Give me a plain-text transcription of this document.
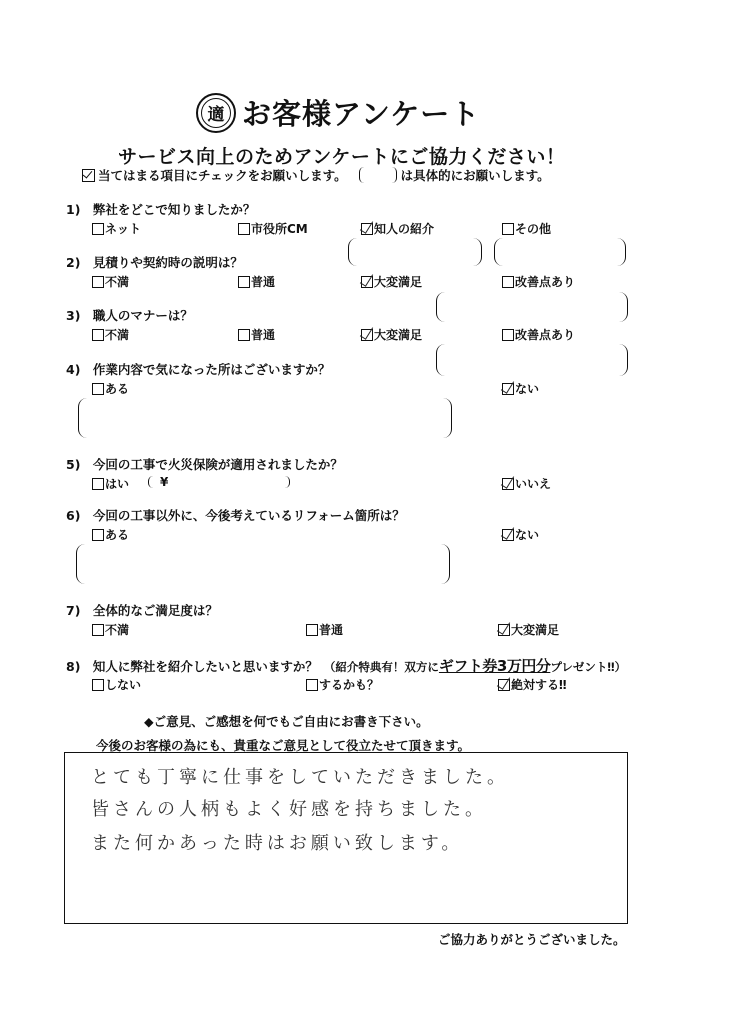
適 お客様アンケート
サービス向上のためアンケートにご協力ください！
当てはまる項目にチェックをお願いします。	は具体的にお願いします。
1)　弊社をどこで知りましたか？
ネット	市役所CM	知人の紹介	その他
2)　見積りや契約時の説明は？
不満	普通	大変満足	改善点あり
3)　職人のマナーは？
不満	普通	大変満足	改善点あり
4)　作業内容で気になった所はございますか？
ある	ない
5)　今回の工事で火災保険が適用されましたか？
はい	¥	いいえ
6)　今回の工事以外に、今後考えているリフォーム箇所は？
ある	ない
7)　全体的なご満足度は？
不満	普通	大変満足
8)　知人に弊社を紹介したいと思いますか？ （紹介特典有！双方にギフト券3万円分プレゼント‼）
しない	するかも？	絶対する‼
◆ご意見、ご感想を何でもご自由にお書き下さい。
今後のお客様の為にも、貴重なご意見として役立たせて頂きます。
とても丁寧に仕事をしていただきました。
皆さんの人柄もよく好感を持ちました。
また何かあった時はお願い致します。
ご協力ありがとうございました。
